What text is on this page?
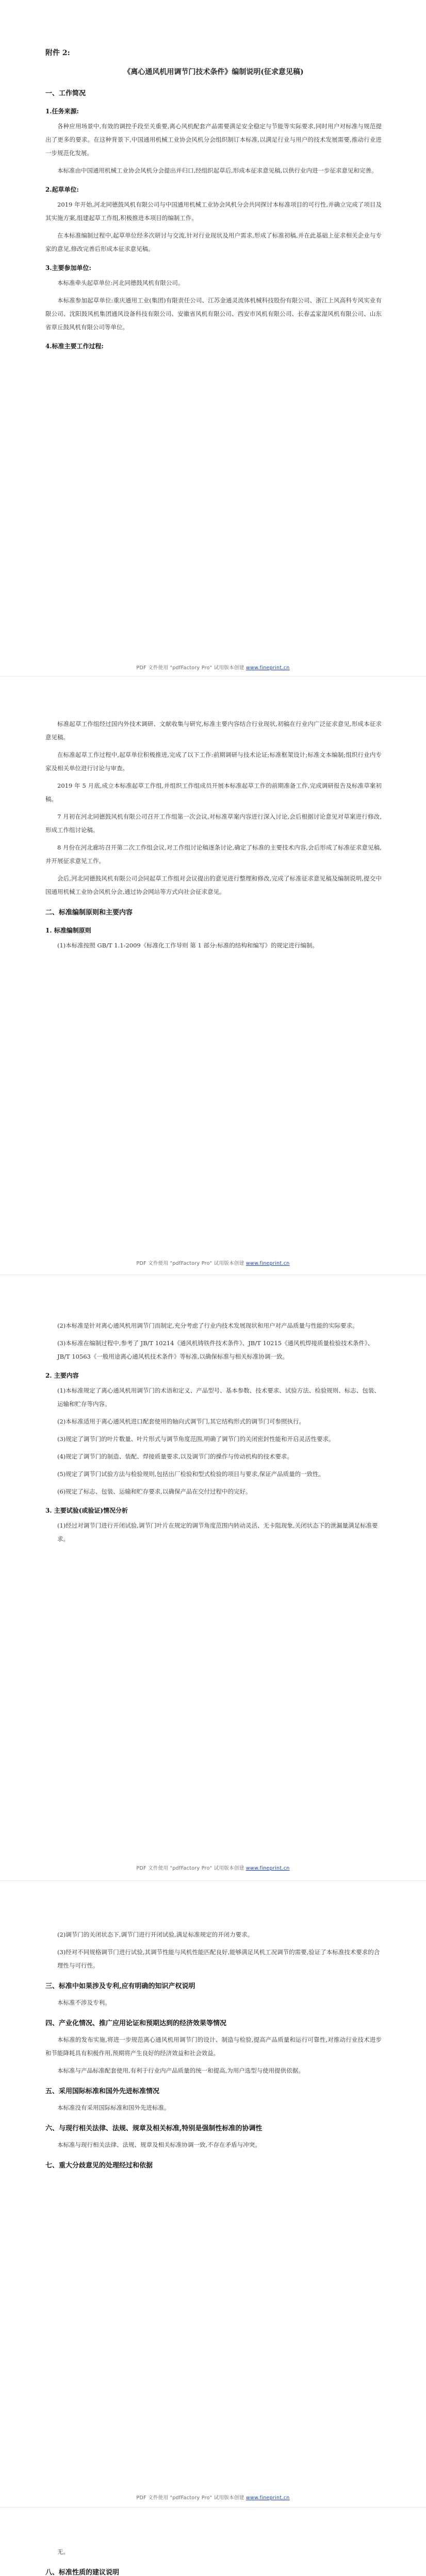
附件 2:

《离心通风机用调节门技术条件》编制说明(征求意见稿)

一、工作简况
1.任务来源:

各种应用场景中,有效的调控手段至关重要,离心风机配套产品需要满足安全稳定与节能等实际要求,同时用户对标准与规范提出了更多的要求。在这种背景下,中国通用机械工业协会风机分会组织制订本标准,以满足行业与用户的技术发展需要,推动行业进一步规范化发展。

本标准由中国通用机械工业协会风机分会提出并归口,经组织起草后,形成本征求意见稿,以供行业内进一步征求意见和完善。

2.起草单位:

2019 年开始,河北同德鼓风机有限公司与中国通用机械工业协会风机分会共同探讨本标准项目的可行性,并确立完成了项目及其实施方案,组建起草工作组,积极推进本项目的编制工作。

在本标准编制过程中,起草单位经多次研讨与交流,针对行业现状及用户需求,形成了标准初稿,并在此基础上征求相关企业与专家的意见,修改完善后形成本征求意见稿。

3.主要参加单位:

本标准牵头起草单位:河北同德鼓风机有限公司。

本标准参加起草单位:重庆通用工业(集团)有限责任公司、江苏金通灵流体机械科技股份有限公司、浙江上风高科专风实业有限公司、沈阳鼓风机集团通风设备科技有限公司、安徽省风机有限公司、西安市风机有限公司、长春孟家湿风机有限公司、山东省章丘鼓风机有限公司等单位。

4.标准主要工作过程:
PDF 文件使用 "pdfFactory Pro" 试用版本创建 www.fineprint.cn

标准起草工作组经过国内外技术调研、文献收集与研究,标准主要内容结合行业现状,初稿在行业内广泛征求意见,形成本征求意见稿。

在标准起草工作过程中,起草单位积极推进,完成了以下工作:前期调研与技术论证;标准框架设计;标准文本编制;组织行业内专家及相关单位进行讨论与审查。

2019 年 5 月底,成立本标准起草工作组,并组织工作组成员开展本标准起草工作的前期准备工作,完成调研报告及标准草案初稿。

7 月初在河北同德鼓风机有限公司召开工作组第一次会议,对标准草案内容进行深入讨论,会后根据讨论意见对草案进行修改,形成工作组讨论稿。

8 月份在河北廊坊召开第二次工作组会议,对工作组讨论稿逐条讨论,确定了标准的主要技术内容,会后形成了标准征求意见稿,并开展征求意见工作。

会后,河北同德鼓风机有限公司会同起草工作组对会议提出的意见进行整理和修改,完成了标准征求意见稿及编制说明,提交中国通用机械工业协会风机分会,通过协会网站等方式向社会征求意见。

二、标准编制原则和主要内容
1. 标准编制原则

(1)本标准按照 GB/T 1.1-2009《标准化工作导则 第 1 部分:标准的结构和编写》的规定进行编制。

PDF 文件使用 "pdfFactory Pro" 试用版本创建 www.fineprint.cn

(2)本标准是针对离心通风机用调节门而制定,充分考虑了行业内技术发展现状和用户对产品质量与性能的实际要求。

(3)本标准在编制过程中,参考了 JB/T 10214《通风机铸铁件技术条件》、JB/T 10215《通风机焊接质量检验技术条件》、JB/T 10563《一般用途离心通风机技术条件》等标准,以确保标准与相关标准协调一致。

2. 主要内容

(1)本标准规定了离心通风机用调节门的术语和定义、产品型号、基本参数、技术要求、试验方法、检验规则、标志、包装、运输和贮存等内容。

(2)本标准适用于离心通风机进口配套使用的轴向式调节门,其它结构形式的调节门可参照执行。

(3)规定了调节门的叶片数量、叶片形式与调节角度范围,明确了调节门的关闭密封性能和开启灵活性要求。

(4)规定了调节门的制造、装配、焊接质量要求,以及调节门的操作与传动机构的技术要求。

(5)规定了调节门试验方法与检验规则,包括出厂检验和型式检验的项目与要求,保证产品质量的一致性。

(6)规定了标志、包装、运输和贮存要求,以确保产品在交付过程中的完好。

3. 主要试验(或验证)情况分析

(1)经过对调节门进行开闭试验,调节门叶片在规定的调节角度范围内转动灵活、无卡阻现象,关闭状态下的泄漏量满足标准要求。

PDF 文件使用 "pdfFactory Pro" 试用版本创建 www.fineprint.cn

(2)调节门的关闭状态下,调节门进行开闭试验,满足标准规定的开闭力要求。

(3)经对不同规格调节门进行试验,其调节性能与风机性能匹配良好,能够满足风机工况调节的需要,验证了本标准技术要求的合理性与可行性。

三、标准中如果涉及专利,应有明确的知识产权说明

本标准不涉及专利。

四、产业化情况、推广应用论证和预期达到的经济效果等情况

本标准的发布实施,将进一步规范离心通风机用调节门的设计、制造与检验,提高产品质量和运行可靠性,对推动行业技术进步和节能降耗具有积极作用,预期将产生良好的经济效益和社会效益。

本标准与产品标准配套使用,有利于行业内产品质量的统一和提高,为用户选型与使用提供依据。

五、采用国际标准和国外先进标准情况

本标准没有采用国际标准和国外先进标准。

六、与现行相关法律、法规、规章及相关标准,特别是强制性标准的协调性

本标准与现行相关法律、法规、规章及相关标准协调一致,不存在矛盾与冲突。

七、重大分歧意见的处理经过和依据
PDF 文件使用 "pdfFactory Pro" 试用版本创建 www.fineprint.cn

无。

八、标准性质的建议说明
